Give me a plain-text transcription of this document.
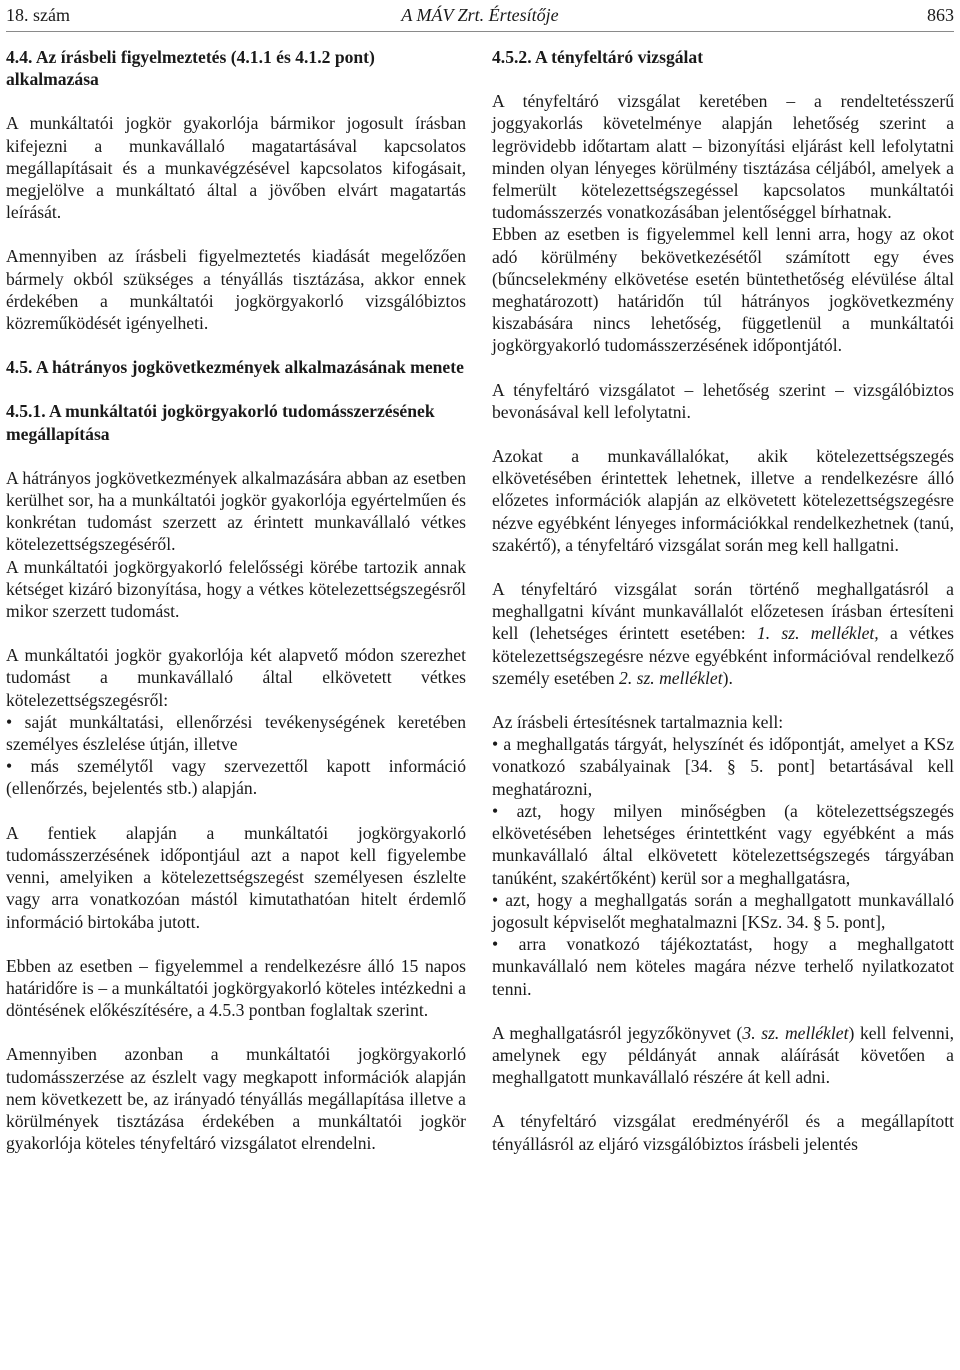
18. szám	A MÁV Zrt. Értesítője	863
4.4. Az írásbeli figyelmeztetés (4.1.1 és 4.1.2 pont) alkalmazása

A munkáltatói jogkör gyakorlója bármikor jogosult írásban kifejezni a munkavállaló magatartásával kapcsolatos megállapításait és a munkavégzésével kapcsolatos kifogásait, megjelölve a munkáltató által a jövőben elvárt magatartás leírását.

Amennyiben az írásbeli figyelmeztetés kiadását megelőzően bármely okból szükséges a tényállás tisztázása, akkor ennek érdekében a munkáltatói jogkörgyakorló vizsgálóbiztos közreműködését igényelheti.

4.5. A hátrányos jogkövetkezmények alkalmazásának menete
4.5.1. A munkáltatói jogkörgyakorló tudomásszerzésének megállapítása

A hátrányos jogkövetkezmények alkalmazására abban az esetben kerülhet sor, ha a munkáltatói jogkör gyakorlója egyértelműen és konkrétan tudomást szerzett az érintett munkavállaló vétkes kötelezettségszegéséről.

A munkáltatói jogkörgyakorló felelősségi körébe tartozik annak kétséget kizáró bizonyítása, hogy a vétkes kötelezettségszegésről mikor szerzett tudomást.

A munkáltatói jogkör gyakorlója két alapvető módon szerezhet tudomást a munkavállaló által elkövetett vétkes kötelezettségszegésről:

• saját munkáltatási, ellenőrzési tevékenységének keretében személyes észlelése útján, illetve

• más személytől vagy szervezettől kapott információ (ellenőrzés, bejelentés stb.) alapján.

A fentiek alapján a munkáltatói jogkörgyakorló tudomásszerzésének időpontjául azt a napot kell figyelembe venni, amelyiken a kötelezettségszegést személyesen észlelte vagy arra vonatkozóan mástól kimutathatóan hitelt érdemlő információ birtokába jutott.

Ebben az esetben – figyelemmel a rendelkezésre álló 15 napos határidőre is – a munkáltatói jogkörgyakorló köteles intézkedni a döntésének előkészítésére, a 4.5.3 pontban foglaltak szerint.

Amennyiben azonban a munkáltatói jogkörgyakorló tudomásszerzése az észlelt vagy megkapott információk alapján nem következett be, az irányadó tényállás megállapítása illetve a körülmények tisztázása érdekében a munkáltatói jogkör gyakorlója köteles tényfeltáró vizsgálatot elrendelni.

4.5.2. A tényfeltáró vizsgálat

A tényfeltáró vizsgálat keretében – a rendeltetésszerű joggyakorlás követelménye alapján lehetőség szerint a legrövidebb időtartam alatt – bizonyítási eljárást kell lefolytatni minden olyan lényeges körülmény tisztázása céljából, amelyek a felmerült kötelezettségszegéssel kapcsolatos munkáltatói tudomásszerzés vonatkozásában jelentőséggel bírhatnak.

Ebben az esetben is figyelemmel kell lenni arra, hogy az okot adó körülmény bekövetkezésétől számított egy éves (bűncselekmény elkövetése esetén büntethetőség elévülése által meghatározott) határidőn túl hátrányos jogkövetkezmény kiszabására nincs lehetőség, függetlenül a munkáltatói jogkörgyakorló tudomásszerzésének időpontjától.

A tényfeltáró vizsgálatot – lehetőség szerint – vizsgálóbiztos bevonásával kell lefolytatni.

Azokat a munkavállalókat, akik kötelezettségszegés elkövetésében érintettek lehetnek, illetve a rendelkezésre álló előzetes információk alapján az elkövetett kötelezettségszegésre nézve egyébként lényeges információkkal rendelkezhetnek (tanú, szakértő), a tényfeltáró vizsgálat során meg kell hallgatni.

A tényfeltáró vizsgálat során történő meghallgatásról a meghallgatni kívánt munkavállalót előzetesen írásban értesíteni kell (lehetséges érintett esetében: 1. sz. melléklet, a vétkes kötelezettségszegésre nézve egyébként információval rendelkező személy esetében 2. sz. melléklet).

Az írásbeli értesítésnek tartalmaznia kell:

• a meghallgatás tárgyát, helyszínét és időpontját, amelyet a KSz vonatkozó szabályainak [34. § 5. pont] betartásával kell meghatározni,

• azt, hogy milyen minőségben (a kötelezettségszegés elkövetésében lehetséges érintettként vagy egyébként a más munkavállaló által elkövetett kötelezettségszegés tárgyában tanúként, szakértőként) kerül sor a meghallgatásra,

• azt, hogy a meghallgatás során a meghallgatott munkavállaló jogosult képviselőt meghatalmazni [KSz. 34. § 5. pont],

• arra vonatkozó tájékoztatást, hogy a meghallgatott munkavállaló nem köteles magára nézve terhelő nyilatkozatot tenni.

A meghallgatásról jegyzőkönyvet (3. sz. melléklet) kell felvenni, amelynek egy példányát annak aláírását követően a meghallgatott munkavállaló részére át kell adni.

A tényfeltáró vizsgálat eredményéről és a megállapított tényállásról az eljáró vizsgálóbiztos írásbeli jelentés
